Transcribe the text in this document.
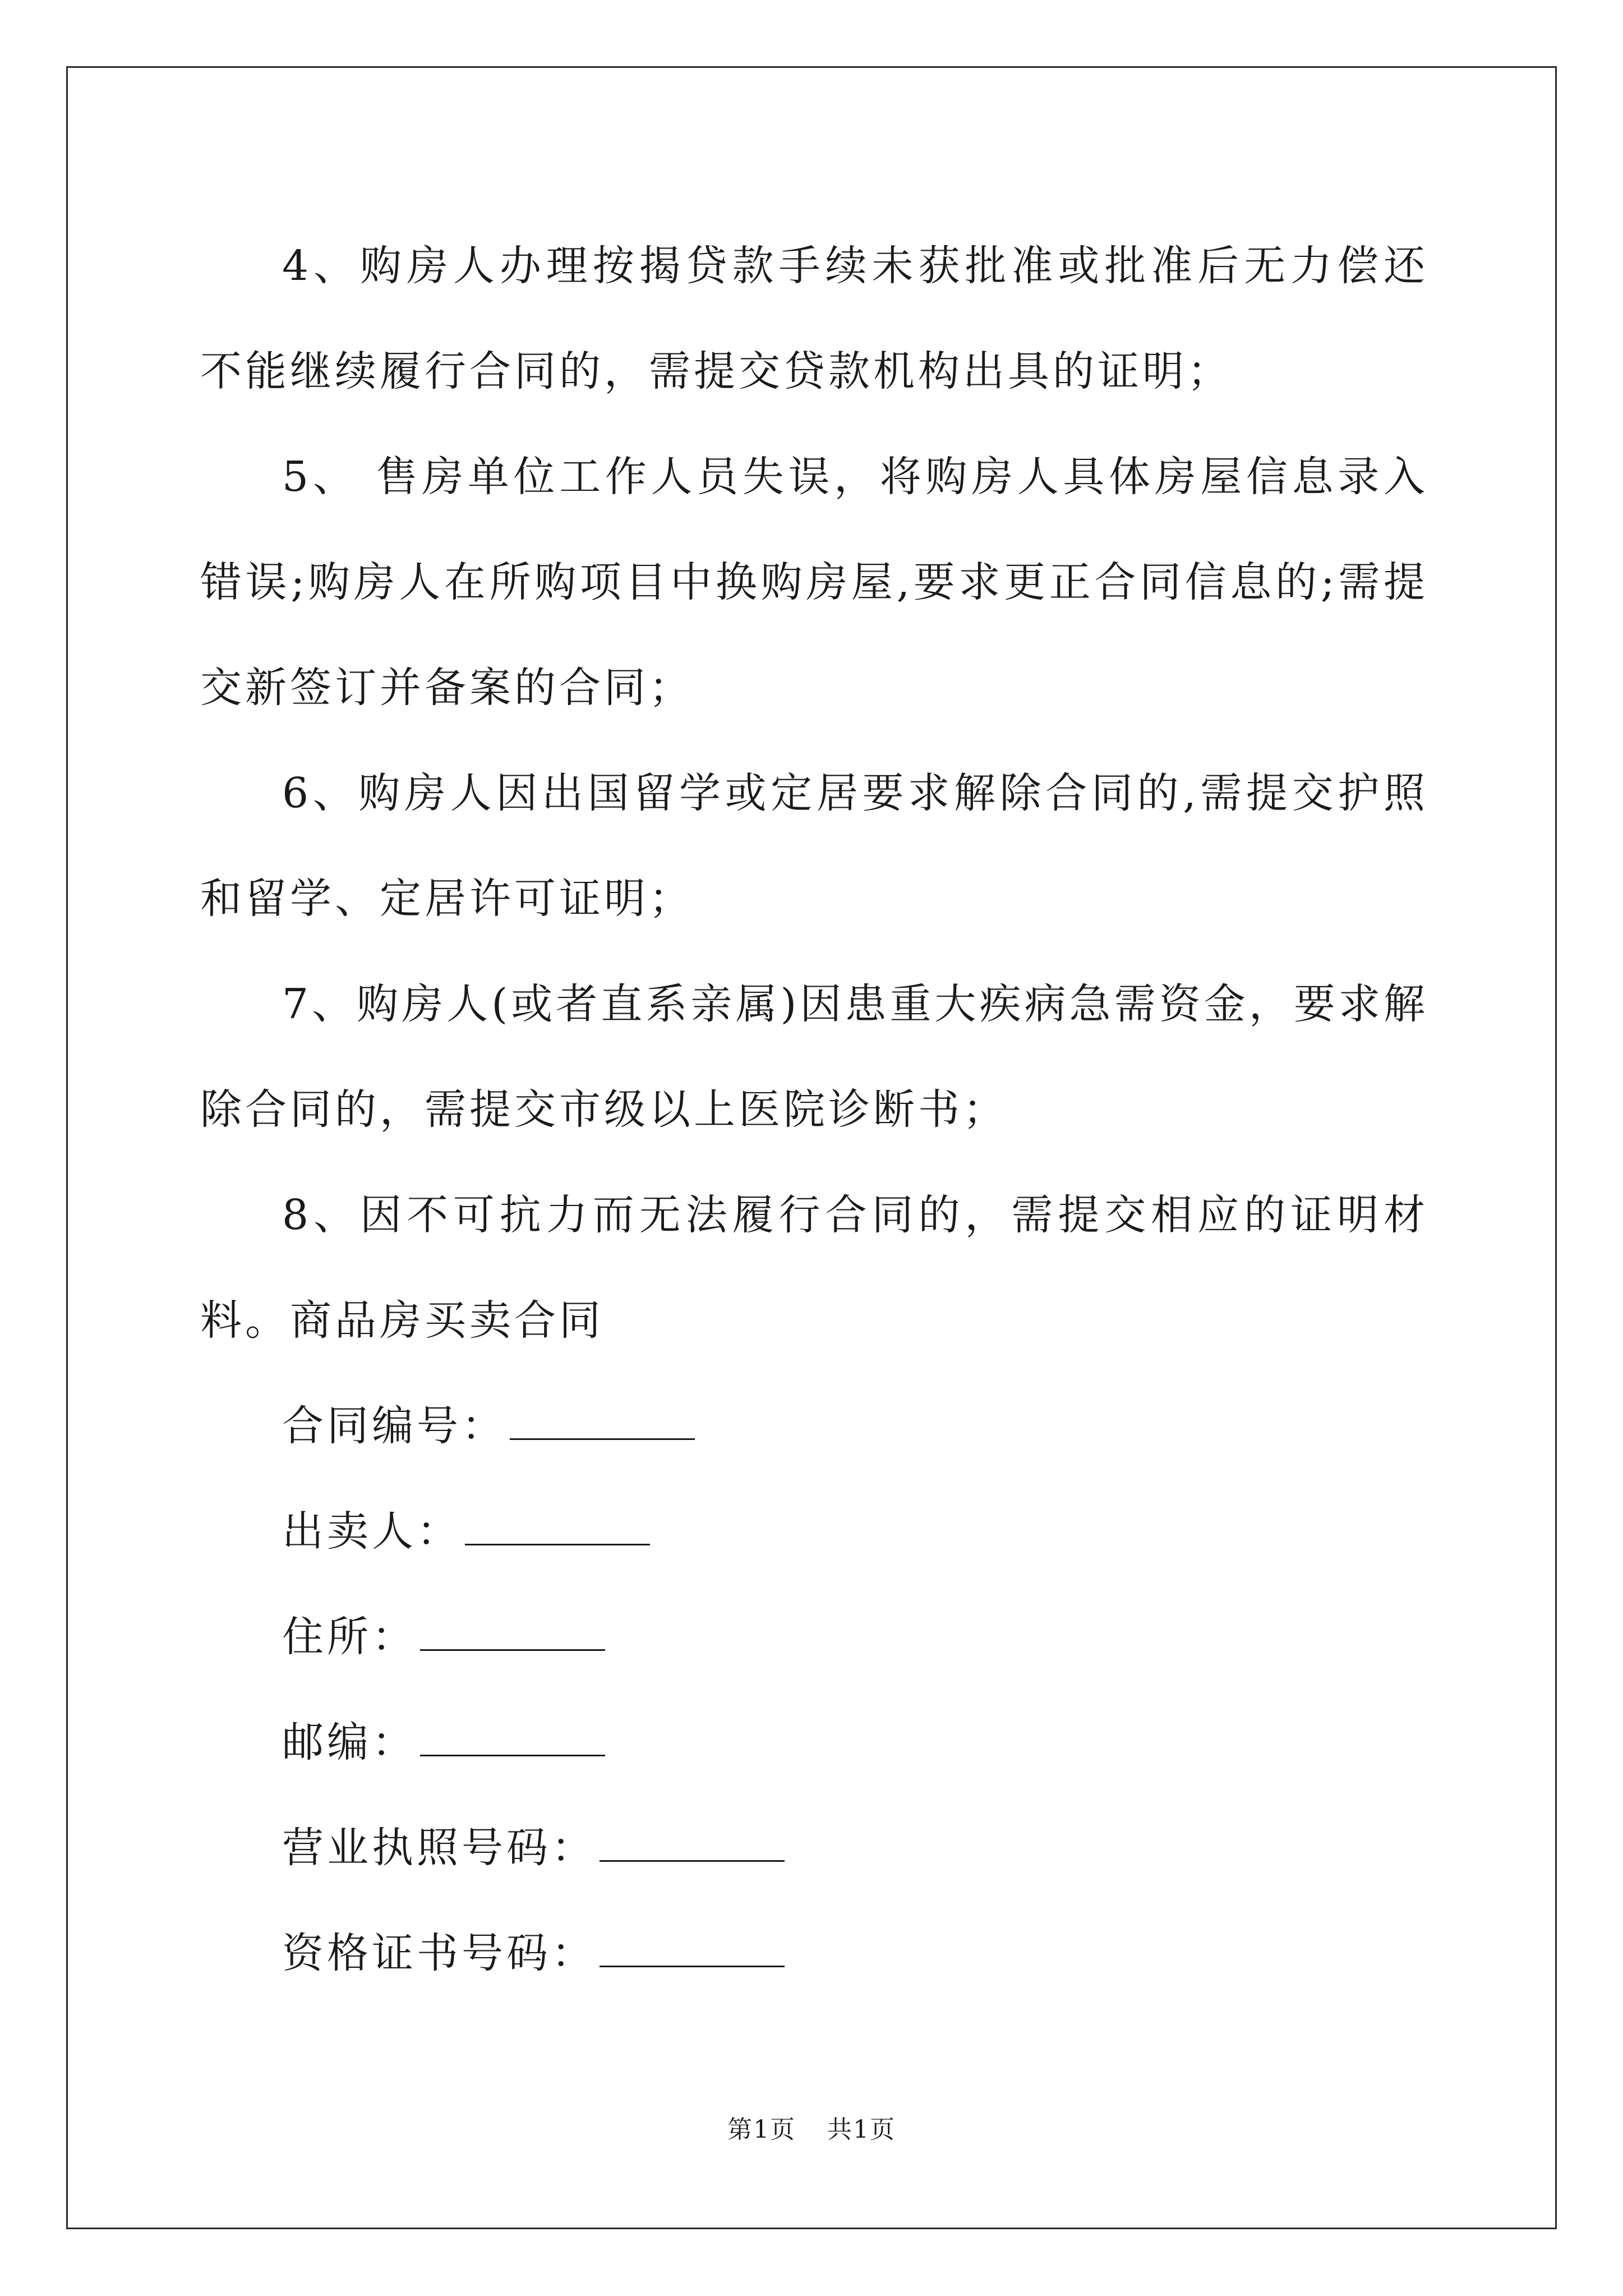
4、购房人办理按揭贷款手续未获批准或批准后无力偿还不能继续履行合同的，需提交贷款机构出具的证明；

5、 售房单位工作人员失误，将购房人具体房屋信息录入错误;购房人在所购项目中换购房屋,要求更正合同信息的;需提交新签订并备案的合同；

6、购房人因出国留学或定居要求解除合同的,需提交护照和留学、定居许可证明；

7、购房人(或者直系亲属)因患重大疾病急需资金，要求解除合同的，需提交市级以上医院诊断书；

8、因不可抗力而无法履行合同的，需提交相应的证明材料。商品房买卖合同

合同编号：
出卖人：
住所：
邮编：
营业执照号码：
资格证书号码：
第1页 共1页
